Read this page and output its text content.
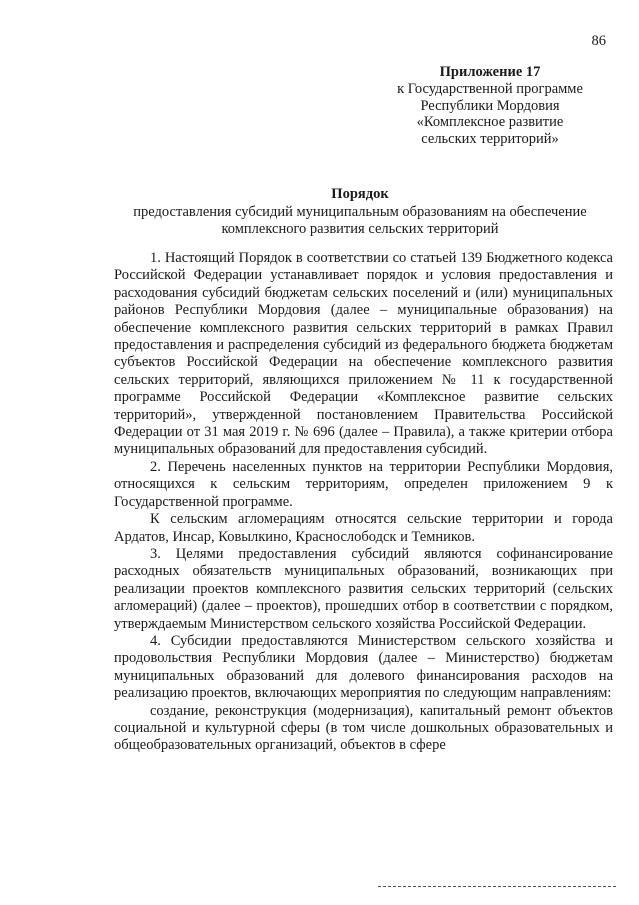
86
Приложение 17
к Государственной программе
Республики Мордовия
«Комплексное развитие
сельских территорий»
Порядок
предоставления субсидий муниципальным образованиям на обеспечение
комплексного развития сельских территорий

1. Настоящий Порядок в соответствии со статьей 139 Бюджетного кодекса Российской Федерации устанавливает порядок и условия предоставления и расходования субсидий бюджетам сельских поселений и (или) муниципальных районов Республики Мордовия (далее – муниципальные образования) на обеспечение комплексного развития сельских территорий в рамках Правил предоставления и распределения субсидий из федерального бюджета бюджетам субъектов Российской Федерации на обеспечение комплексного развития сельских территорий, являющихся приложением № 11 к государственной программе Российской Федерации «Комплексное развитие сельских территорий», утвержденной постановлением Правительства Российской Федерации от 31 мая 2019 г. № 696 (далее – Правила), а также критерии отбора муниципальных образований для предоставления субсидий.

2. Перечень населенных пунктов на территории Республики Мордовия, относящихся к сельским территориям, определен приложением 9 к Государственной программе.

К сельским агломерациям относятся сельские территории и города Ардатов, Инсар, Ковылкино, Краснослободск и Темников.

3. Целями предоставления субсидий являются софинансирование расходных обязательств муниципальных образований, возникающих при реализации проектов комплексного развития сельских территорий (сельских агломераций) (далее – проектов), прошедших отбор в соответствии с порядком, утверждаемым Министерством сельского хозяйства Российской Федерации.

4. Субсидии предоставляются Министерством сельского хозяйства и продовольствия Республики Мордовия (далее – Министерство) бюджетам муниципальных образований для долевого финансирования расходов на реализацию проектов, включающих мероприятия по следующим направлениям:

создание, реконструкция (модернизация), капитальный ремонт объектов социальной и культурной сферы (в том числе дошкольных образовательных и общеобразовательных организаций, объектов в сфере
